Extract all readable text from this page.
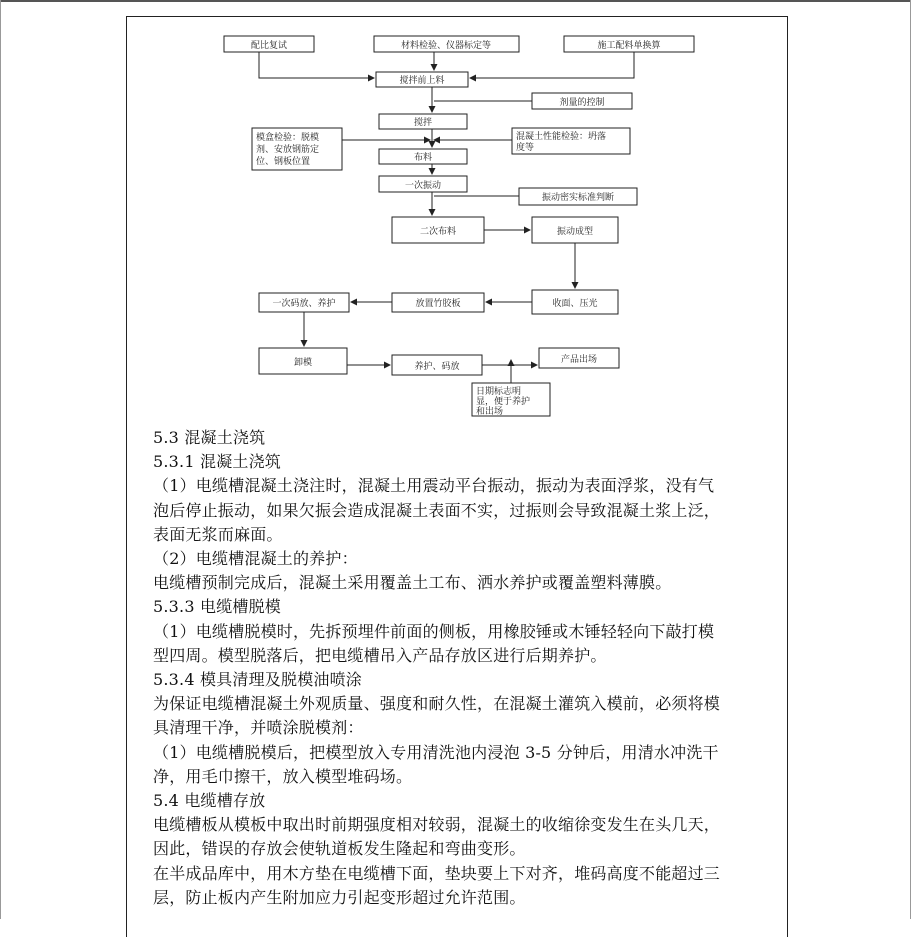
配比复试	材料检验、仪器标定等	施工配料单换算
搅拌前上料
剂量的控制
搅拌
布料
一次振动
振动密实标准判断
二次布料	振动成型
收面、压光
放置竹胶板
一次码放、养护
卸模	养护、码放
产品出场
模盒检验：脱模
剂、安放钢筋定
位、钢板位置
混凝土性能检验：坍落
度等
日期标志明
显，便于养护
和出场

5.3 混凝土浇筑

5.3.1 混凝土浇筑

（1）电缆槽混凝土浇注时，混凝土用震动平台振动，振动为表面浮浆，没有气

泡后停止振动，如果欠振会造成混凝土表面不实，过振则会导致混凝土浆上泛，

表面无浆而麻面。

（2）电缆槽混凝土的养护：

电缆槽预制完成后，混凝土采用覆盖土工布、洒水养护或覆盖塑料薄膜。

5.3.3 电缆槽脱模

（1）电缆槽脱模时，先拆预埋件前面的侧板，用橡胶锤或木锤轻轻向下敲打模

型四周。模型脱落后，把电缆槽吊入产品存放区进行后期养护。

5.3.4 模具清理及脱模油喷涂

为保证电缆槽混凝土外观质量、强度和耐久性，在混凝土灌筑入模前，必须将模

具清理干净，并喷涂脱模剂：

（1）电缆槽脱模后，把模型放入专用清洗池内浸泡 3-5 分钟后，用清水冲洗干

净，用毛巾擦干，放入模型堆码场。

5.4 电缆槽存放

电缆槽板从模板中取出时前期强度相对较弱，混凝土的收缩徐变发生在头几天，

因此，错误的存放会使轨道板发生隆起和弯曲变形。

在半成品库中，用木方垫在电缆槽下面，垫块要上下对齐，堆码高度不能超过三

层，防止板内产生附加应力引起变形超过允许范围。
